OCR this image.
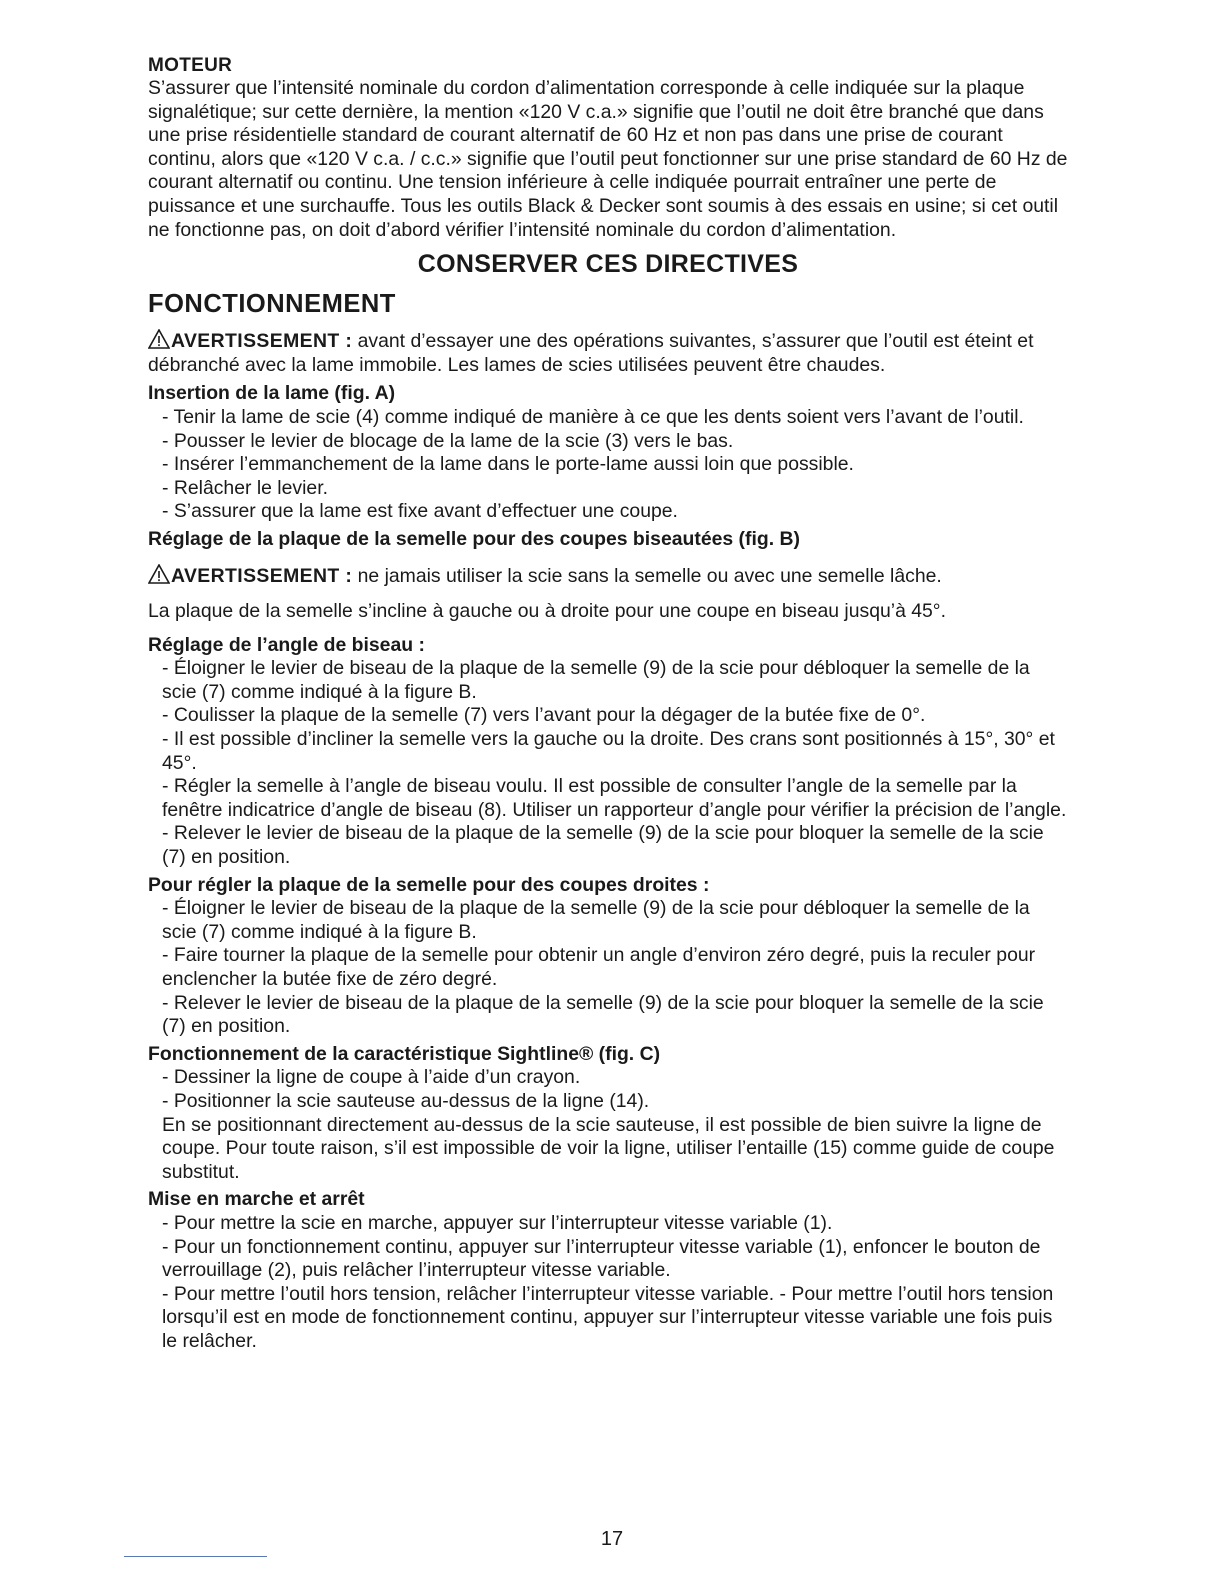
MOTEUR

S’assurer que l’intensité nominale du cordon d’alimentation corresponde à celle indiquée sur la plaque signalétique; sur cette dernière, la mention «120 V c.a.» signifie que l’outil ne doit être branché que dans une prise résidentielle standard de courant alternatif de 60 Hz et non pas dans une prise de courant continu, alors que «120 V c.a. / c.c.» signifie que l’outil peut fonctionner sur une prise standard de 60 Hz de courant alternatif ou continu. Une tension inférieure à celle indiquée pourrait entraîner une perte de puissance et une surchauffe. Tous les outils Black & Decker sont soumis à des essais en usine; si cet outil ne fonctionne pas, on doit d’abord vérifier l’intensité nominale du cordon d’alimentation.

CONSERVER CES DIRECTIVES

FONCTIONNEMENT

AVERTISSEMENT : avant d’essayer une des opérations suivantes, s’assurer que l’outil est éteint et débranché avec la lame immobile. Les lames de scies utilisées peuvent être chaudes.

Insertion de la lame (fig. A)

- Tenir la lame de scie (4) comme indiqué de manière à ce que les dents soient vers l’avant de l’outil.
- Pousser le levier de blocage de la lame de la scie (3) vers le bas.
- Insérer l’emmanchement de la lame dans le porte-lame aussi loin que possible.
- Relâcher le levier.
- S’assurer que la lame est fixe avant d’effectuer une coupe.

Réglage de la plaque de la semelle pour des coupes biseautées (fig. B)

AVERTISSEMENT : ne jamais utiliser la scie sans la semelle ou avec une semelle lâche.

La plaque de la semelle s’incline à gauche ou à droite pour une coupe en biseau jusqu’à 45°.

Réglage de l’angle de biseau :

- Éloigner le levier de biseau de la plaque de la semelle (9) de la scie pour débloquer la semelle de la scie (7) comme indiqué à la figure B.
- Coulisser la plaque de la semelle (7) vers l’avant pour la dégager de la butée fixe de 0°.
- Il est possible d’incliner la semelle vers la gauche ou la droite. Des crans sont positionnés à 15°, 30° et 45°.
- Régler la semelle à l’angle de biseau voulu. Il est possible de consulter l’angle de la semelle par la fenêtre indicatrice d’angle de biseau (8). Utiliser un rapporteur d’angle pour vérifier la précision de l’angle.
- Relever le levier de biseau de la plaque de la semelle (9) de la scie pour bloquer la semelle de la scie (7) en position.

Pour régler la plaque de la semelle pour des coupes droites :

- Éloigner le levier de biseau de la plaque de la semelle (9) de la scie pour débloquer la semelle de la scie (7) comme indiqué à la figure B.
- Faire tourner la plaque de la semelle pour obtenir un angle d’environ zéro degré, puis la reculer pour enclencher la butée fixe de zéro degré.
- Relever le levier de biseau de la plaque de la semelle (9) de la scie pour bloquer la semelle de la scie (7) en position.

Fonctionnement de la caractéristique Sightline® (fig. C)

- Dessiner la ligne de coupe à l’aide d’un crayon.
- Positionner la scie sauteuse au-dessus de la ligne (14).

En se positionnant directement au-dessus de la scie sauteuse, il est possible de bien suivre la ligne de coupe. Pour toute raison, s’il est impossible de voir la ligne, utiliser l’entaille (15) comme guide de coupe substitut.

Mise en marche et arrêt

- Pour mettre la scie en marche, appuyer sur l’interrupteur vitesse variable (1).
- Pour un fonctionnement continu, appuyer sur l’interrupteur vitesse variable (1), enfoncer le bouton de verrouillage (2), puis relâcher l’interrupteur vitesse variable.
- Pour mettre l’outil hors tension, relâcher l’interrupteur vitesse variable. - Pour mettre l’outil hors tension lorsqu’il est en mode de fonctionnement continu, appuyer sur l’interrupteur vitesse variable une fois puis le relâcher.
17
